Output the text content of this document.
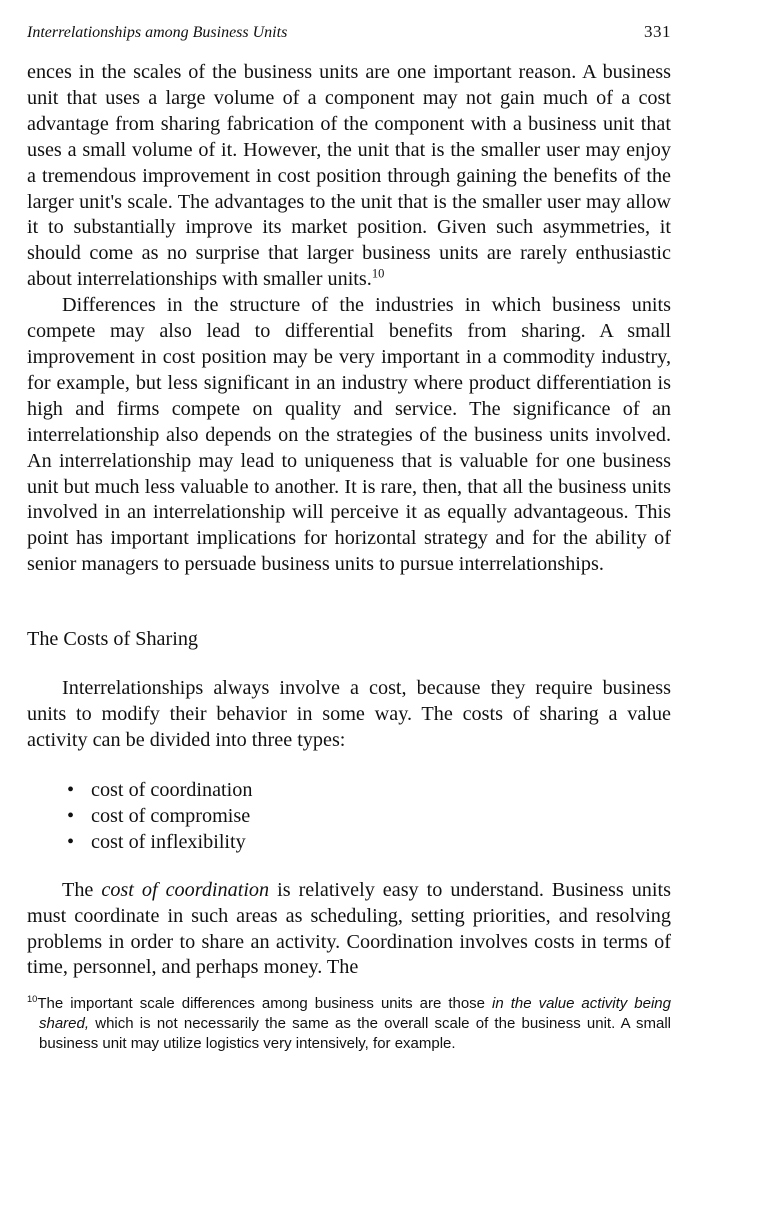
Interrelationships among Business Units	331

ences in the scales of the business units are one important reason. A business unit that uses a large volume of a component may not gain much of a cost advantage from sharing fabrication of the component with a business unit that uses a small volume of it. However, the unit that is the smaller user may enjoy a tremendous improvement in cost position through gaining the benefits of the larger unit's scale. The advantages to the unit that is the smaller user may allow it to substantially improve its market position. Given such asymmetries, it should come as no surprise that larger business units are rarely enthusiastic about interrelationships with smaller units.$^{10}$

Differences in the structure of the industries in which business units compete may also lead to differential benefits from sharing. A small improvement in cost position may be very important in a commodity industry, for example, but less significant in an industry where product differentiation is high and firms compete on quality and service. The significance of an interrelationship also depends on the strategies of the business units involved. An interrelationship may lead to uniqueness that is valuable for one business unit but much less valuable to another. It is rare, then, that all the business units involved in an interrelationship will perceive it as equally advantageous. This point has important implications for horizontal strategy and for the ability of senior managers to persuade business units to pursue interrelationships.

The Costs of Sharing

Interrelationships always involve a cost, because they require business units to modify their behavior in some way. The costs of sharing a value activity can be divided into three types:

• cost of coordination
• cost of compromise
• cost of inflexibility

The cost of coordination is relatively easy to understand. Business units must coordinate in such areas as scheduling, setting priorities, and resolving problems in order to share an activity. Coordination involves costs in terms of time, personnel, and perhaps money. The

$^{10}$The important scale differences among business units are those in the value activity being shared, which is not necessarily the same as the overall scale of the business unit. A small business unit may utilize logistics very intensively, for example.
